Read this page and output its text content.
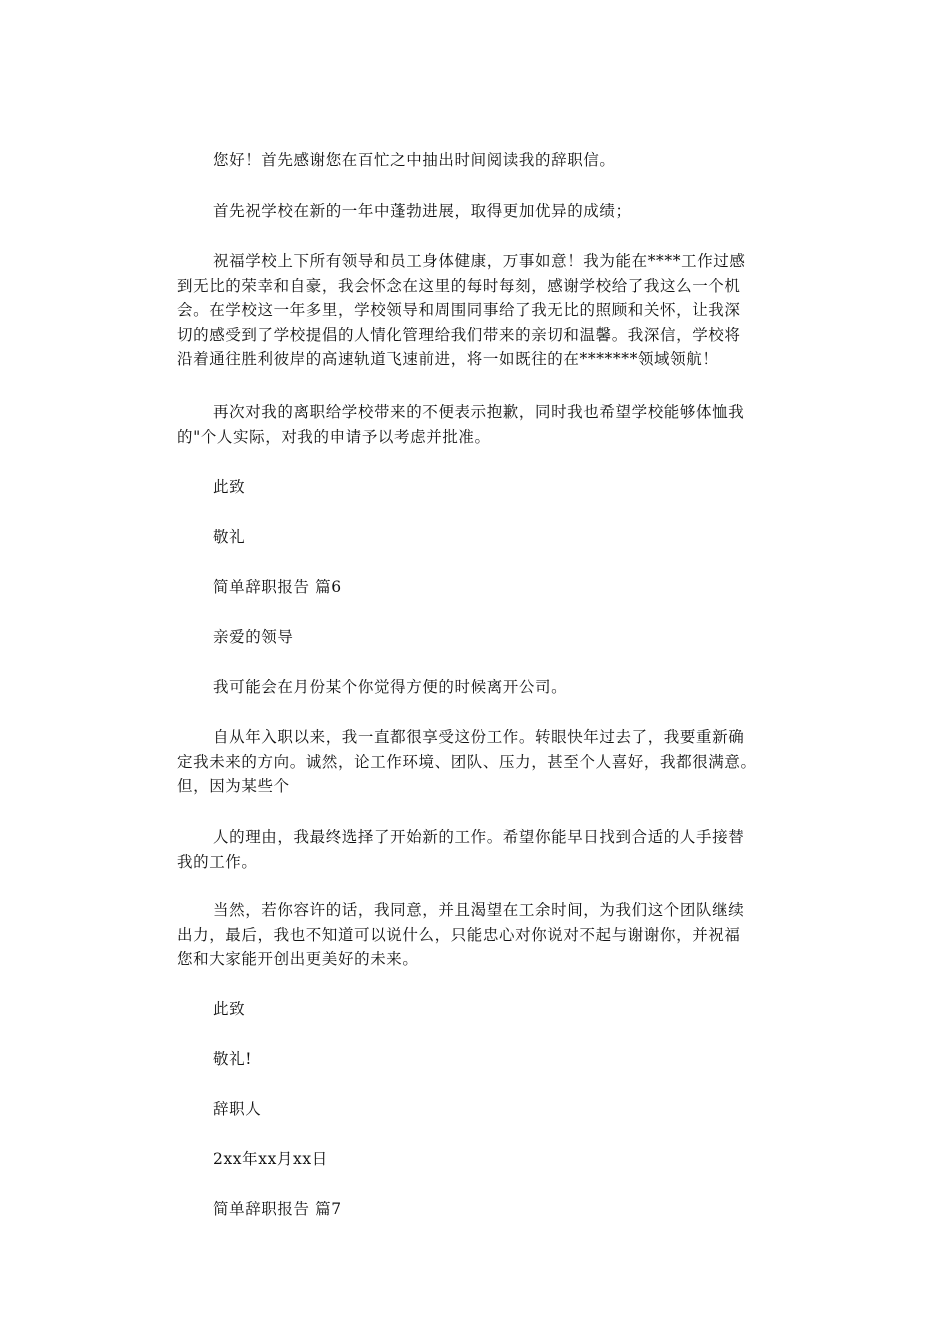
您好！首先感谢您在百忙之中抽出时间阅读我的辞职信。

首先祝学校在新的一年中蓬勃进展，取得更加优异的成绩；

祝福学校上下所有领导和员工身体健康，万事如意！我为能在****工作过感
到无比的荣幸和自豪，我会怀念在这里的每时每刻，感谢学校给了我这么一个机
会。在学校这一年多里，学校领导和周围同事给了我无比的照顾和关怀，让我深
切的感受到了学校提倡的人情化管理给我们带来的亲切和温馨。我深信，学校将
沿着通往胜利彼岸的高速轨道飞速前进，将一如既往的在*******领域领航！

再次对我的离职给学校带来的不便表示抱歉，同时我也希望学校能够体恤我
的"个人实际，对我的申请予以考虑并批准。

此致

敬礼

简单辞职报告 篇6

亲爱的领导

我可能会在月份某个你觉得方便的时候离开公司。

自从年入职以来，我一直都很享受这份工作。转眼快年过去了，我要重新确
定我未来的方向。诚然，论工作环境、团队、压力，甚至个人喜好，我都很满意。
但，因为某些个

人的理由，我最终选择了开始新的工作。希望你能早日找到合适的人手接替
我的工作。

当然，若你容许的话，我同意，并且渴望在工余时间，为我们这个团队继续
出力，最后，我也不知道可以说什么，只能忠心对你说对不起与谢谢你，并祝福
您和大家能开创出更美好的未来。

此致

敬礼!

辞职人

2xx年xx月xx日

简单辞职报告 篇7
